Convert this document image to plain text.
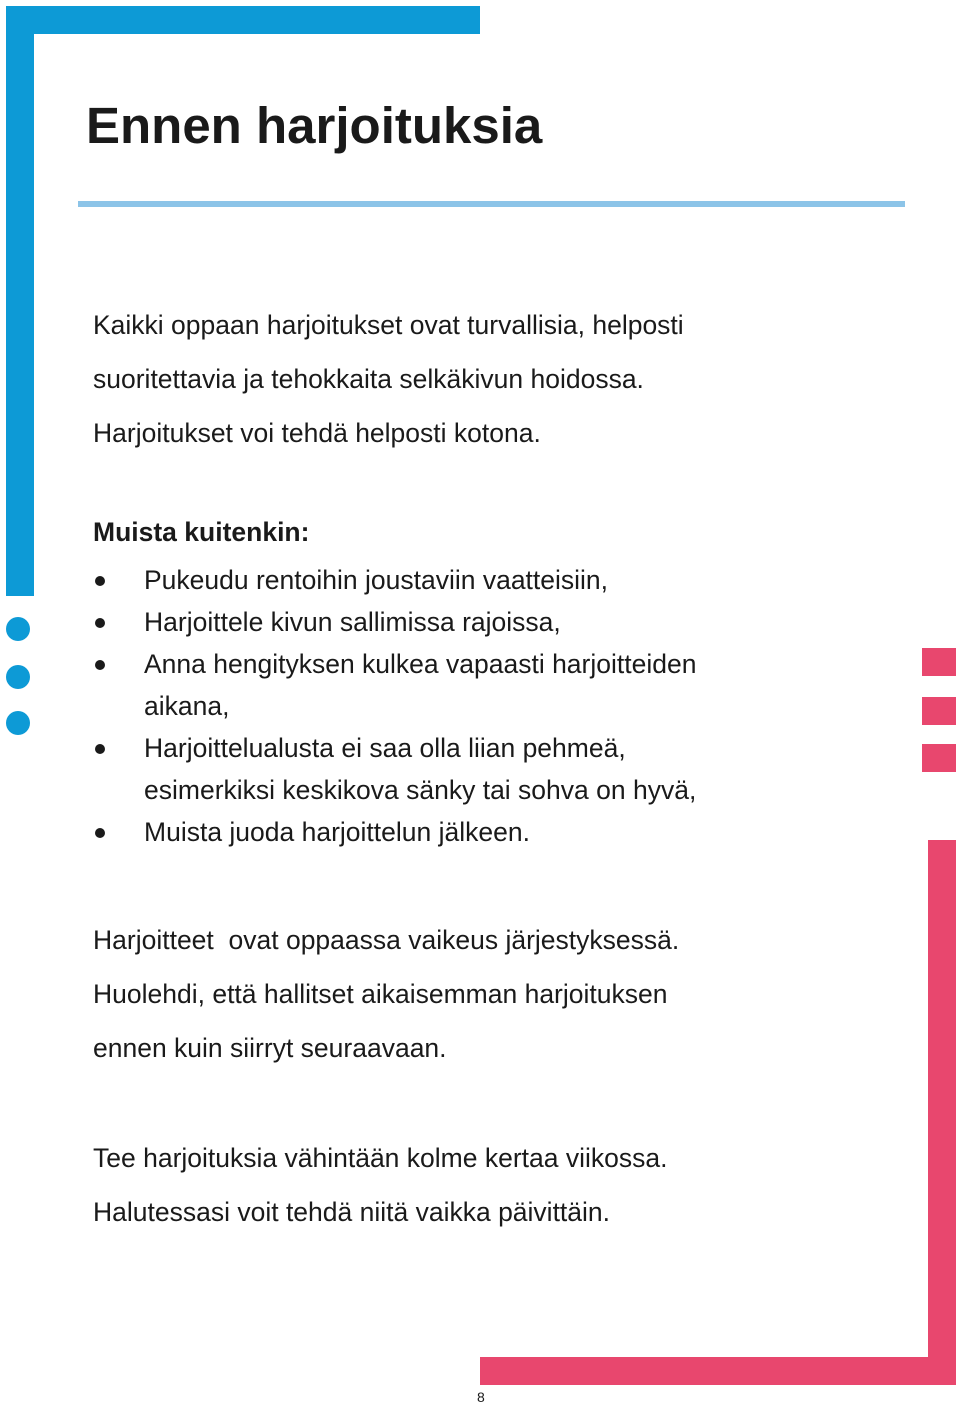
Ennen harjoituksia
Kaikki oppaan harjoitukset ovat turvallisia, helposti
suoritettavia ja tehokkaita selkäkivun hoidossa.
Harjoitukset voi tehdä helposti kotona.
Muista kuitenkin:
Pukeudu rentoihin joustaviin vaatteisiin,
Harjoittele kivun sallimissa rajoissa,
Anna hengityksen kulkea vapaasti harjoitteiden
aikana,
Harjoittelualusta ei saa olla liian pehmeä,
esimerkiksi keskikova sänky tai sohva on hyvä,
Muista juoda harjoittelun jälkeen.
Harjoitteet  ovat oppaassa vaikeus järjestyksessä.
Huolehdi, että hallitset aikaisemman harjoituksen
ennen kuin siirryt seuraavaan.
Tee harjoituksia vähintään kolme kertaa viikossa.
Halutessasi voit tehdä niitä vaikka päivittäin.
8
